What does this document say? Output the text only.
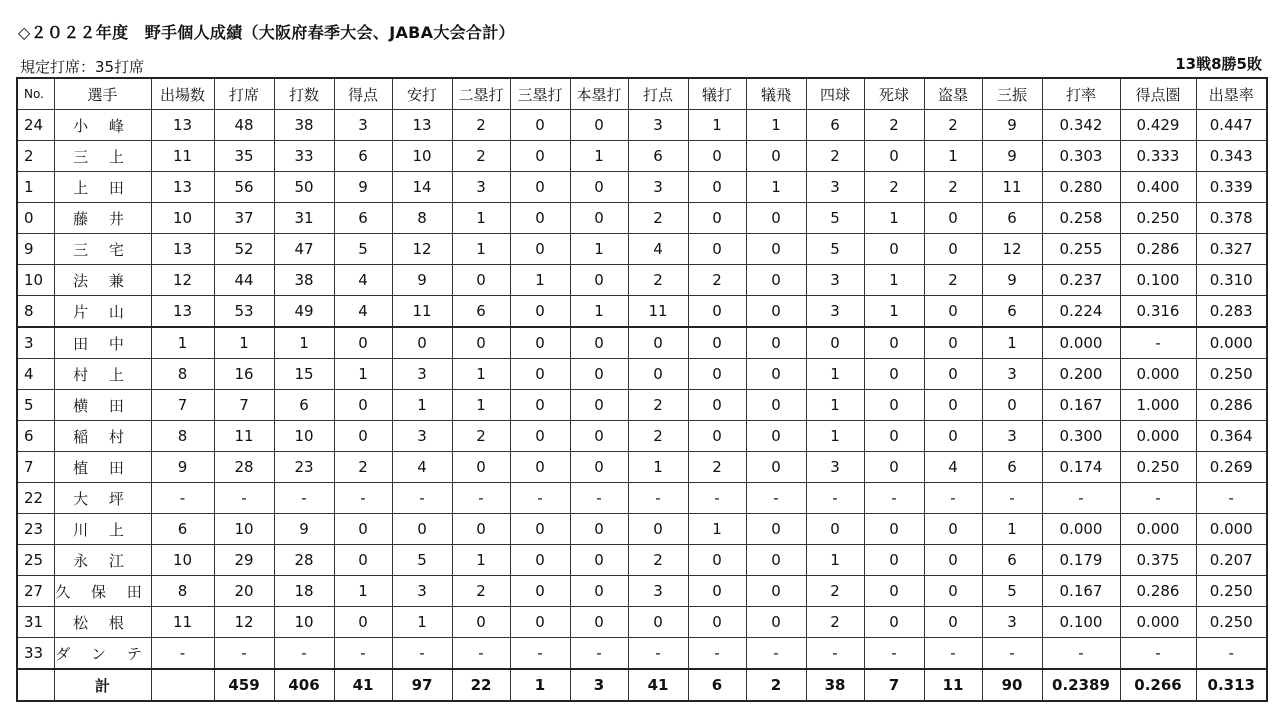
◇２０２２年度　野手個人成績（大阪府春季大会、JABA大会合計）
規定打席：35打席	13戦8勝5敗
No.	選手	出場数	打席	打数	得点	安打	二塁打	三塁打	本塁打	打点	犠打	犠飛	四球	死球	盗塁	三振	打率	得点圏	出塁率
24	小 峰	13	48	38	3	13	2	0	0	3	1	1	6	2	2	9	0.342	0.429	0.447
2	三 上	11	35	33	6	10	2	0	1	6	0	0	2	0	1	9	0.303	0.333	0.343
1	上 田	13	56	50	9	14	3	0	0	3	0	1	3	2	2	11	0.280	0.400	0.339
0	藤 井	10	37	31	6	8	1	0	0	2	0	0	5	1	0	6	0.258	0.250	0.378
9	三 宅	13	52	47	5	12	1	0	1	4	0	0	5	0	0	12	0.255	0.286	0.327
10	法 兼	12	44	38	4	9	0	1	0	2	2	0	3	1	2	9	0.237	0.100	0.310
8	片 山	13	53	49	4	11	6	0	1	11	0	0	3	1	0	6	0.224	0.316	0.283
3	田 中	1	1	1	0	0	0	0	0	0	0	0	0	0	0	1	0.000	-	0.000
4	村 上	8	16	15	1	3	1	0	0	0	0	0	1	0	0	3	0.200	0.000	0.250
5	横 田	7	7	6	0	1	1	0	0	2	0	0	1	0	0	0	0.167	1.000	0.286
6	稲 村	8	11	10	0	3	2	0	0	2	0	0	1	0	0	3	0.300	0.000	0.364
7	植 田	9	28	23	2	4	0	0	0	1	2	0	3	0	4	6	0.174	0.250	0.269
22	大 坪	-	-	-	-	-	-	-	-	-	-	-	-	-	-	-	-	-	-
23	川 上	6	10	9	0	0	0	0	0	0	1	0	0	0	0	1	0.000	0.000	0.000
25	永 江	10	29	28	0	5	1	0	0	2	0	0	1	0	0	6	0.179	0.375	0.207
27	久 保 田	8	20	18	1	3	2	0	0	3	0	0	2	0	0	5	0.167	0.286	0.250
31	松 根	11	12	10	0	1	0	0	0	0	0	0	2	0	0	3	0.100	0.000	0.250
33	ダ ン テ	-	-	-	-	-	-	-	-	-	-	-	-	-	-	-	-	-	-
	計		459	406	41	97	22	1	3	41	6	2	38	7	11	90	0.2389	0.266	0.313
